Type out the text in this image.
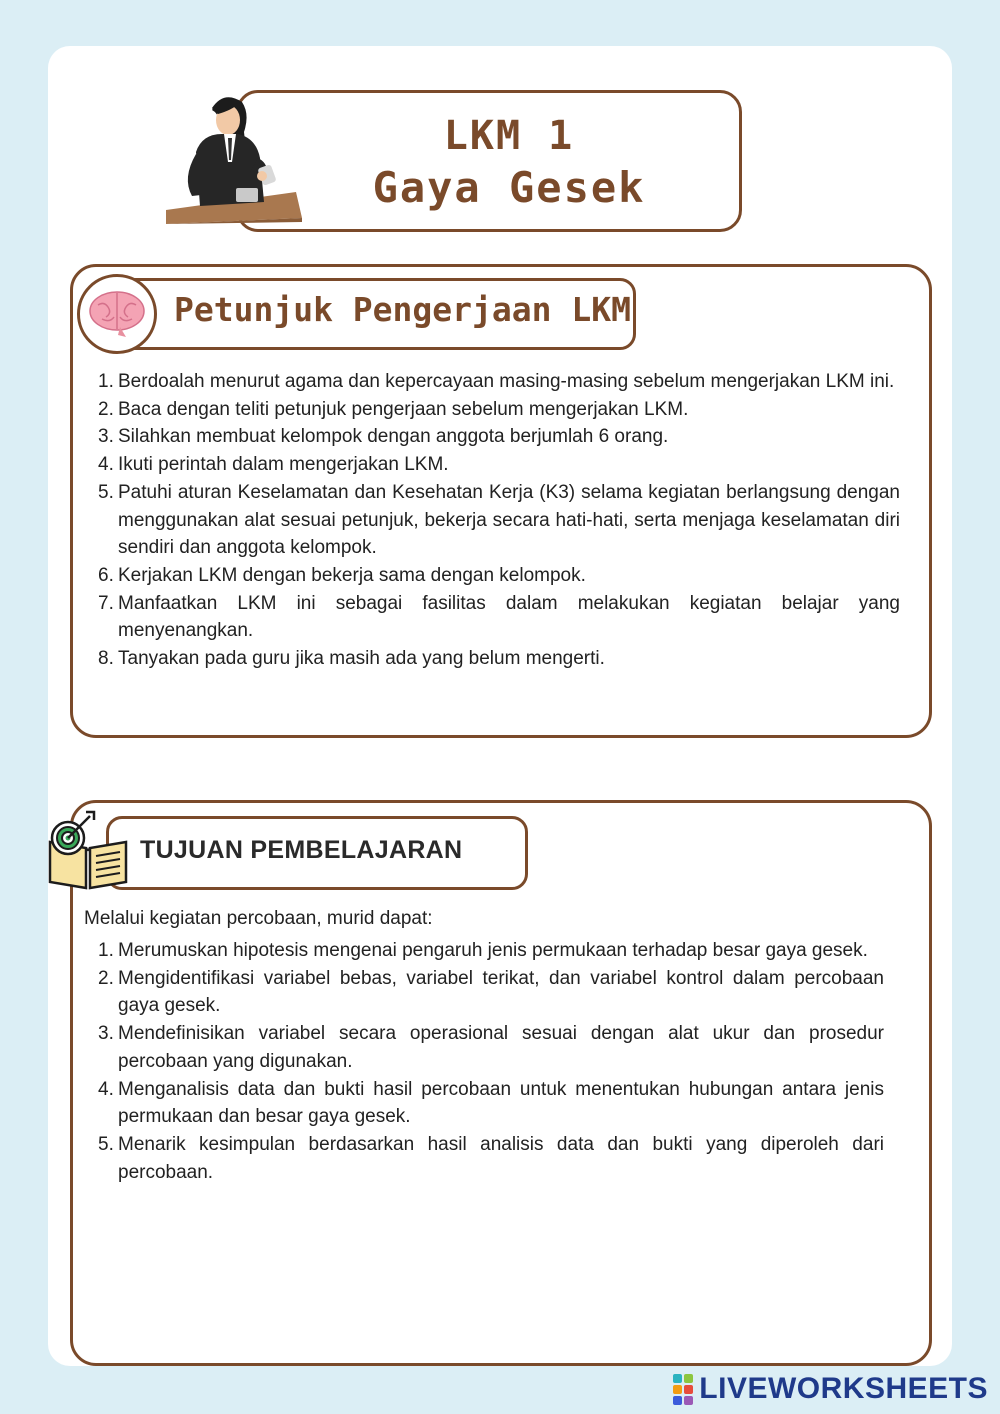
LKM 1
Gaya Gesek
Petunjuk Pengerjaan LKM
1. Berdoalah menurut agama dan kepercayaan masing-masing sebelum mengerjakan LKM ini.
2. Baca dengan teliti petunjuk pengerjaan sebelum mengerjakan LKM.
3. Silahkan membuat kelompok dengan anggota berjumlah 6 orang.
4. Ikuti perintah dalam mengerjakan LKM.
5. Patuhi aturan Keselamatan dan Kesehatan Kerja (K3) selama kegiatan berlangsung dengan menggunakan alat sesuai petunjuk, bekerja secara hati-hati, serta menjaga keselamatan diri sendiri dan anggota kelompok.
6. Kerjakan LKM dengan bekerja sama dengan kelompok.
7. Manfaatkan LKM ini sebagai fasilitas dalam melakukan kegiatan belajar yang menyenangkan.
8. Tanyakan pada guru jika masih ada yang belum mengerti.
TUJUAN PEMBELAJARAN
Melalui kegiatan percobaan, murid dapat:
1. Merumuskan hipotesis mengenai pengaruh jenis permukaan terhadap besar gaya gesek.
2. Mengidentifikasi variabel bebas, variabel terikat, dan variabel kontrol dalam percobaan gaya gesek.
3. Mendefinisikan variabel secara operasional sesuai dengan alat ukur dan prosedur percobaan yang digunakan.
4. Menganalisis data dan bukti hasil percobaan untuk menentukan hubungan antara jenis permukaan dan besar gaya gesek.
5. Menarik kesimpulan berdasarkan hasil analisis data dan bukti yang diperoleh dari percobaan.
LIVEWORKSHEETS
